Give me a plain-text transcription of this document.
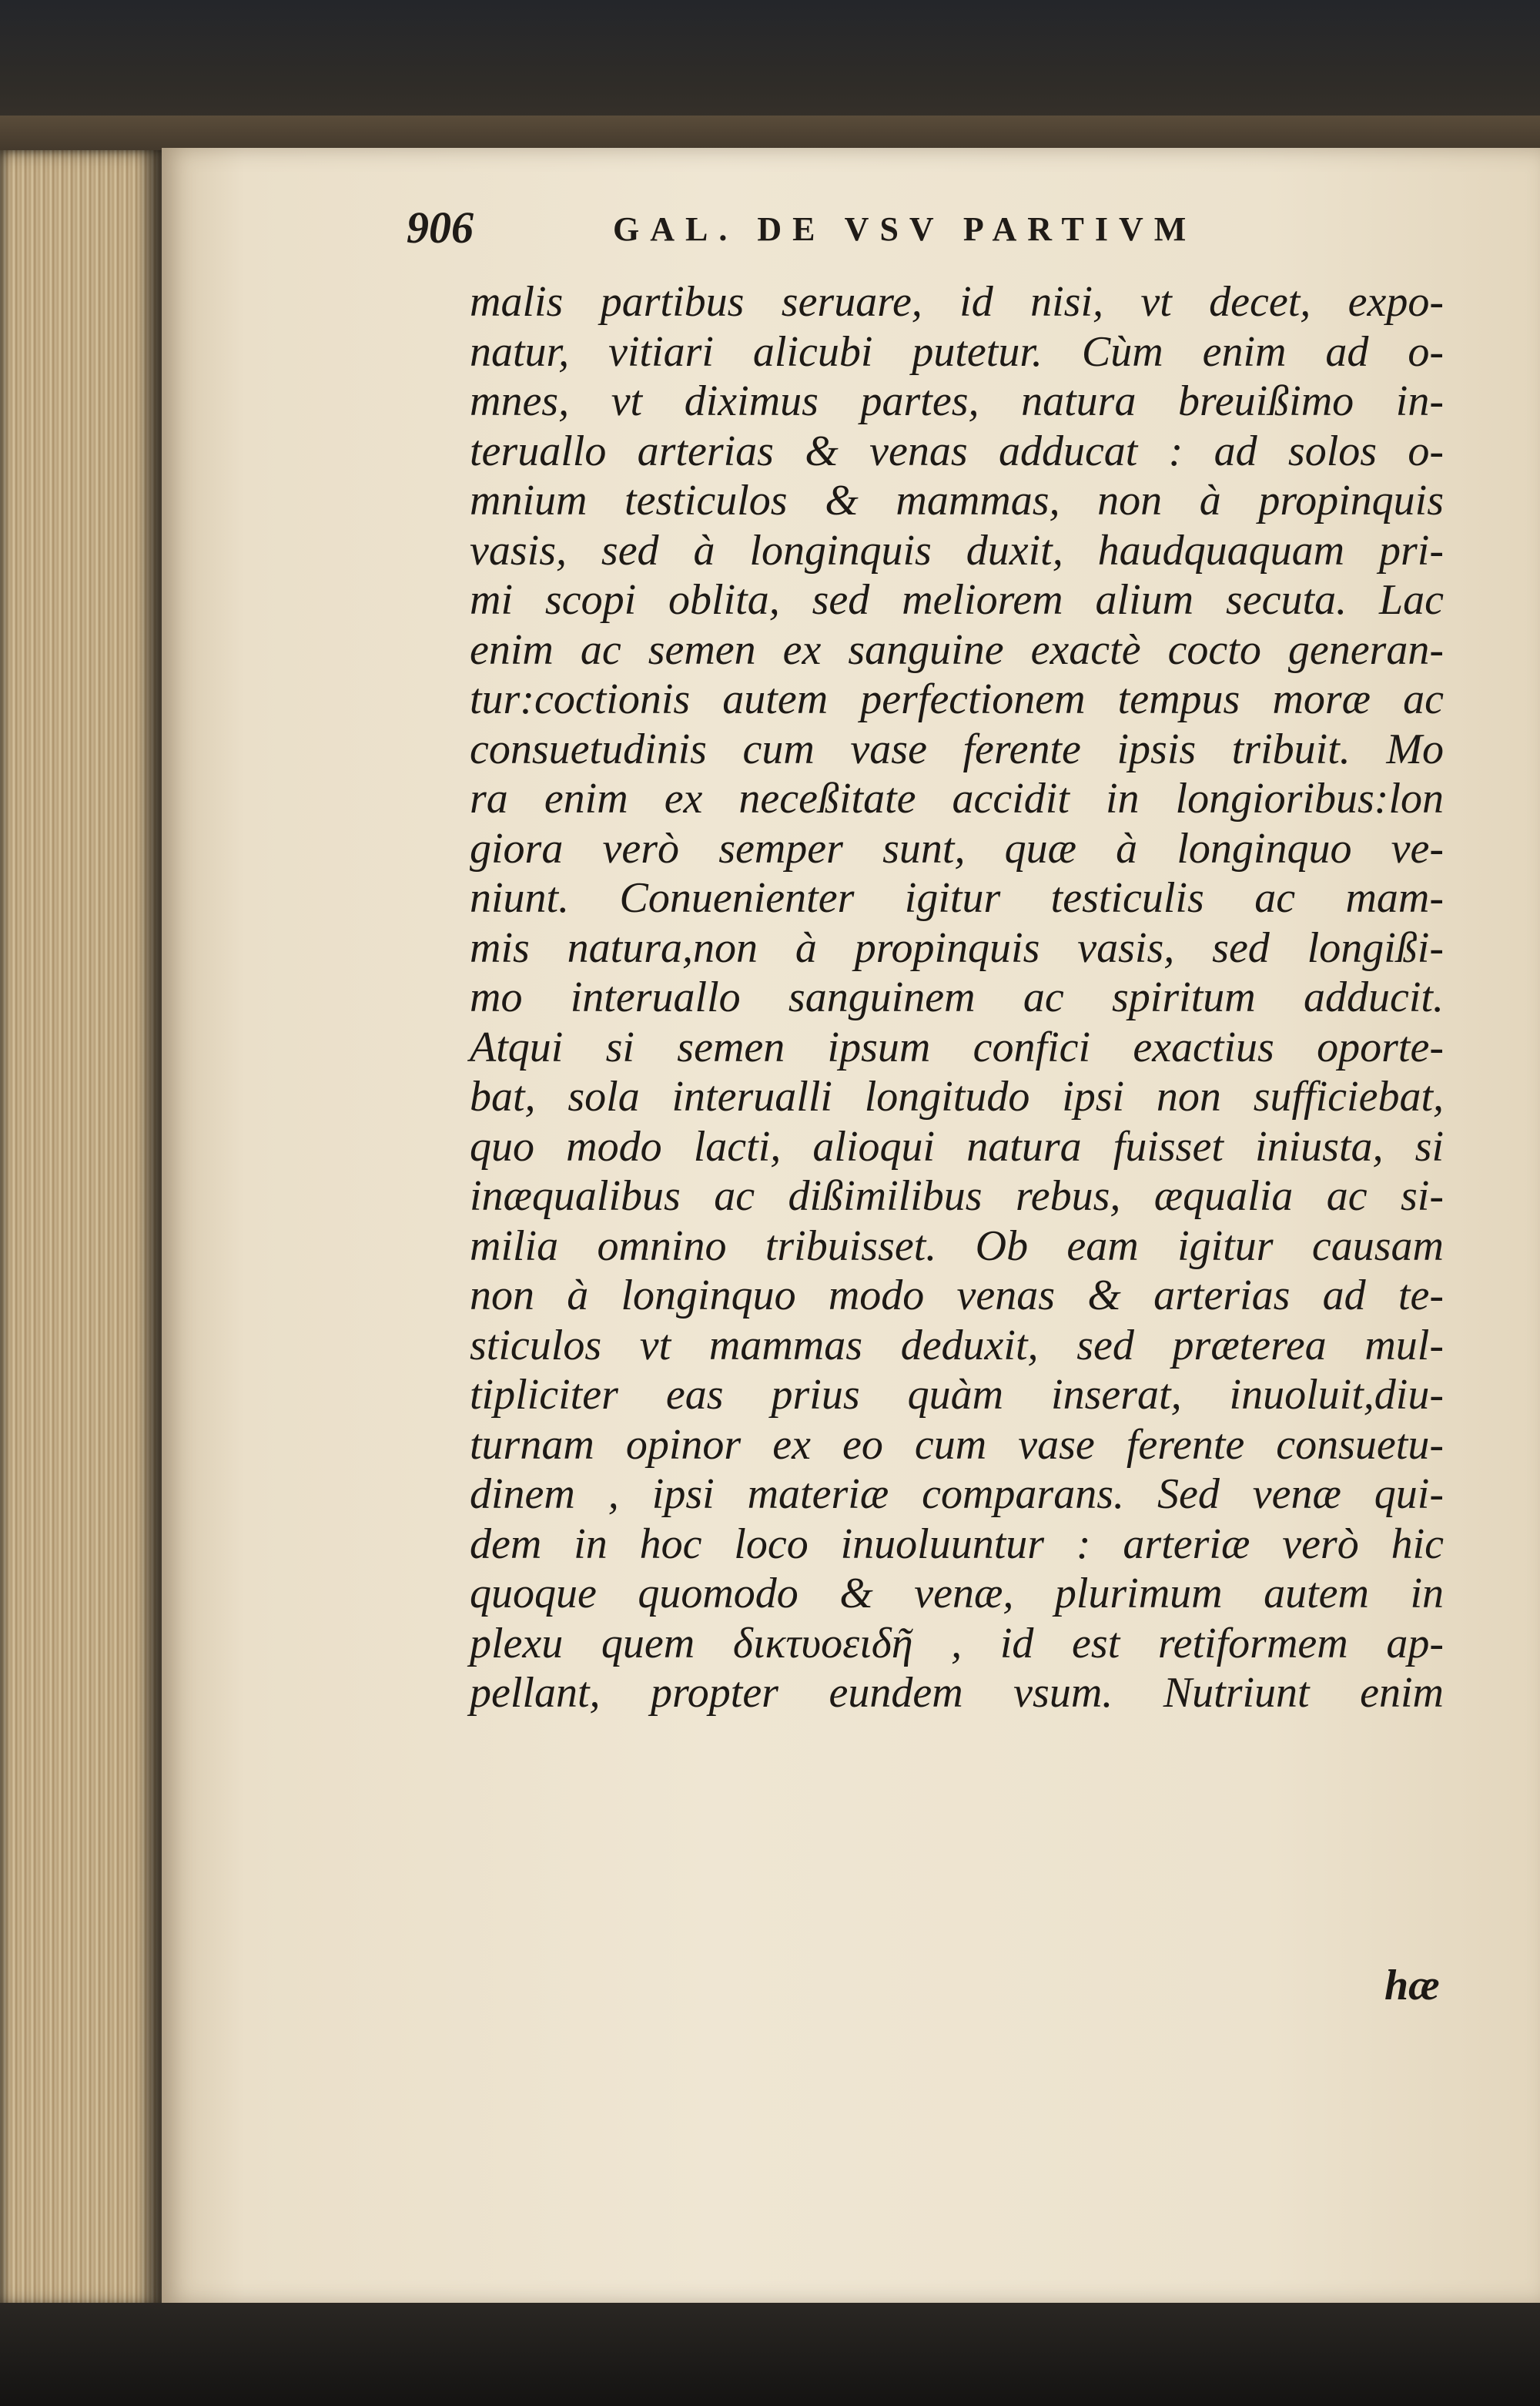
906	GAL. DE VSV PARTIVM
malis partibus seruare, id nisi, vt decet, expo-
natur, vitiari alicubi putetur. Cùm enim ad o-
mnes, vt diximus partes, natura breuißimo in-
teruallo arterias & venas adducat : ad solos o-
mnium testiculos & mammas, non à propinquis
vasis, sed à longinquis duxit, haudquaquam pri-
mi scopi oblita, sed meliorem alium secuta. Lac
enim ac semen ex sanguine exactè cocto generan-
tur:coctionis autem perfectionem tempus moræ ac
consuetudinis cum vase ferente ipsis tribuit. Mo
ra enim ex neceßitate accidit in longioribus:lon
giora verò semper sunt, quæ à longinquo ve-
niunt. Conuenienter igitur testiculis ac mam-
mis natura,non à propinquis vasis, sed longißi-
mo interuallo sanguinem ac spiritum adducit.
Atqui si semen ipsum confici exactius oporte-
bat, sola interualli longitudo ipsi non sufficiebat,
quo modo lacti, alioqui natura fuisset iniusta, si
inæqualibus ac dißimilibus rebus, æqualia ac si-
milia omnino tribuisset. Ob eam igitur causam
non à longinquo modo venas & arterias ad te-
sticulos vt mammas deduxit, sed præterea mul-
tipliciter eas prius quàm inserat, inuoluit,diu-
turnam opinor ex eo cum vase ferente consuetu-
dinem , ipsi materiæ comparans. Sed venæ qui-
dem in hoc loco inuoluuntur : arteriæ verò hic
quoque quomodo & venæ, plurimum autem in
plexu quem δικτυοειδῆ , id est retiformem ap-
pellant, propter eundem vsum. Nutriunt enim
hæ
